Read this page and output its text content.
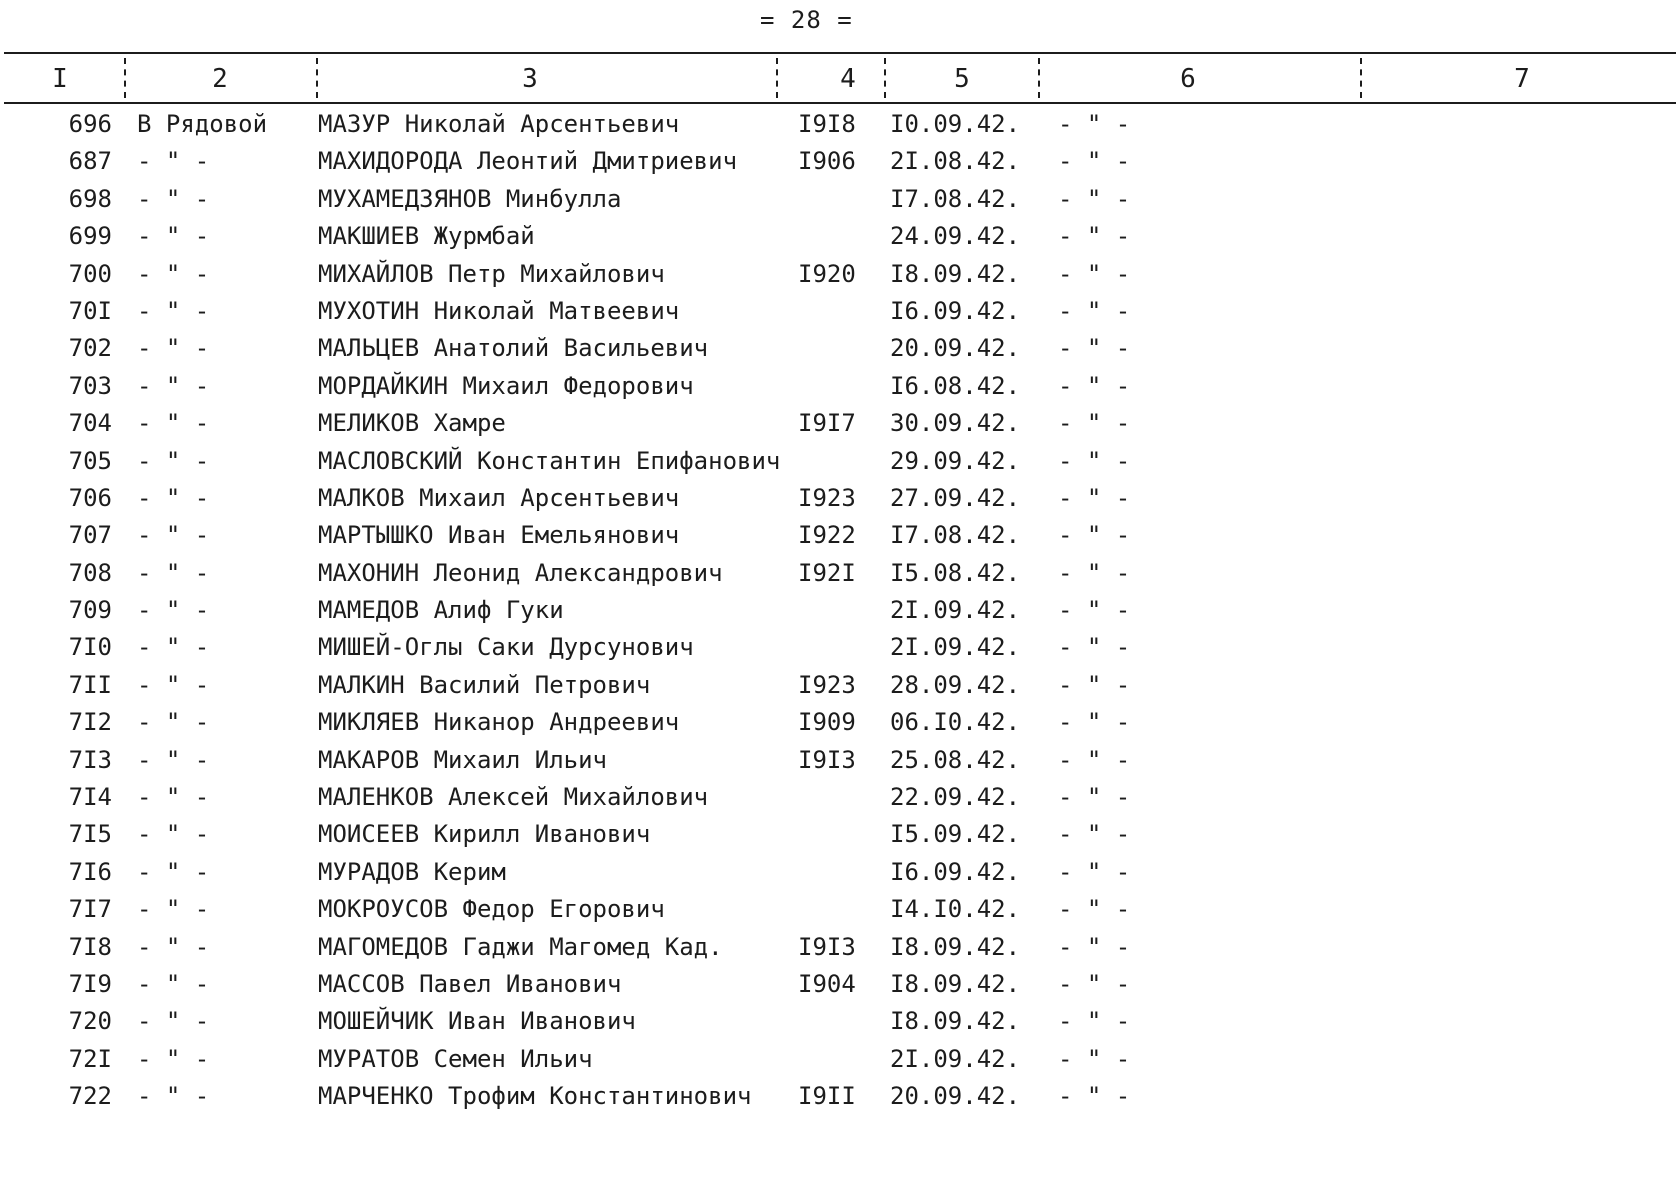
= 28 =
I	2	3	4	5	6	7
696 В Рядовой МАЗУР Николай Арсентьевич	I9I8 I0.09.42. - " -
687 - " -	МАХИДОРОДА Леонтий Дмитриевич	I906 2I.08.42. - " -
698 - " -	МУХАМЕДЗЯНОВ Минбулла	I7.08.42. - " -
699 - " -	МАКШИЕВ Журмбай	24.09.42. - " -
700 - " -	МИХАЙЛОВ Петр Михайлович	I920 I8.09.42. - " -
70I - " -	МУХОТИН Николай Матвеевич	I6.09.42. - " -
702 - " -	МАЛЬЦЕВ Анатолий Васильевич	20.09.42. - " -
703 - " -	МОРДАЙКИН Михаил Федорович	I6.08.42. - " -
704 - " -	МЕЛИКОВ Хамре	I9I7 30.09.42. - " -
705 - " -	МАСЛОВСКИЙ Константин Епифанович	29.09.42. - " -
706 - " -	МАЛКОВ Михаил Арсентьевич	I923 27.09.42. - " -
707 - " -	МАРТЫШКО Иван Емельянович	I922 I7.08.42. - " -
708 - " -	МАХОНИН Леонид Александрович	I92I I5.08.42. - " -
709 - " -	МАМЕДОВ Алиф Гуки	2I.09.42. - " -
7I0 - " -	МИШЕЙ-Оглы Саки Дурсунович	2I.09.42. - " -
7II - " -	МАЛКИН Василий Петрович	I923 28.09.42. - " -
7I2 - " -	МИКЛЯЕВ Никанор Андреевич	I909 06.I0.42. - " -
7I3 - " -	МАКАРОВ Михаил Ильич	I9I3 25.08.42. - " -
7I4 - " -	МАЛЕНКОВ Алексей Михайлович	22.09.42. - " -
7I5 - " -	МОИСЕЕВ Кирилл Иванович	I5.09.42. - " -
7I6 - " -	МУРАДОВ Керим	I6.09.42. - " -
7I7 - " -	МОКРОУСОВ Федор Егорович	I4.I0.42. - " -
7I8 - " -	МАГОМЕДОВ Гаджи Магомед Кад.	I9I3 I8.09.42. - " -
7I9 - " -	МАССОВ Павел Иванович	I904 I8.09.42. - " -
720 - " -	МОШЕЙЧИК Иван Иванович	I8.09.42. - " -
72I - " -	МУРАТОВ Семен Ильич	2I.09.42. - " -
722 - " -	МАРЧЕНКО Трофим Константинович I9II 20.09.42. - " -
